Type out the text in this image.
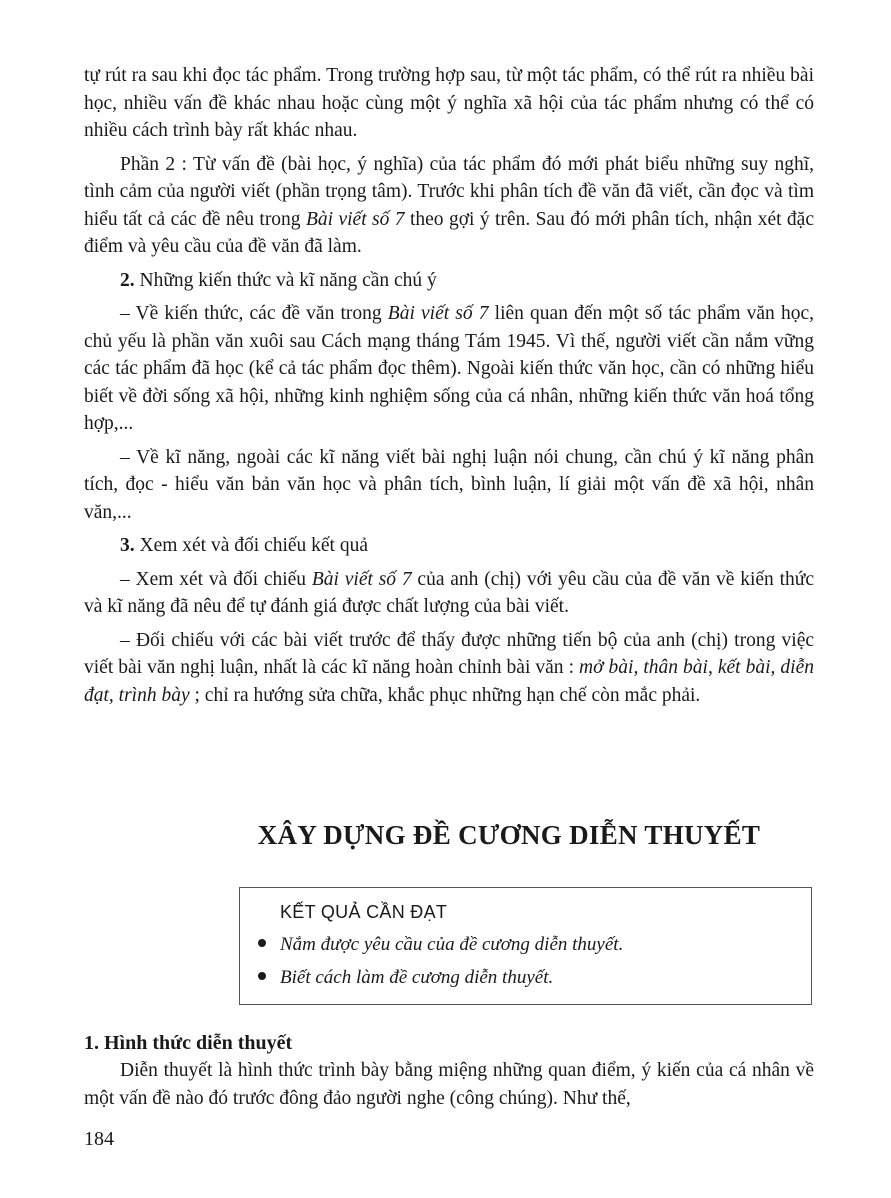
tự rút ra sau khi đọc tác phẩm. Trong trường hợp sau, từ một tác phẩm, có thể rút ra nhiều bài học, nhiều vấn đề khác nhau hoặc cùng một ý nghĩa xã hội của tác phẩm nhưng có thể có nhiều cách trình bày rất khác nhau.

Phần 2 : Từ vấn đề (bài học, ý nghĩa) của tác phẩm đó mới phát biểu những suy nghĩ, tình cảm của người viết (phần trọng tâm). Trước khi phân tích đề văn đã viết, cần đọc và tìm hiểu tất cả các đề nêu trong Bài viết số 7 theo gợi ý trên. Sau đó mới phân tích, nhận xét đặc điểm và yêu cầu của đề văn đã làm.

2. Những kiến thức và kĩ năng cần chú ý

– Về kiến thức, các đề văn trong Bài viết số 7 liên quan đến một số tác phẩm văn học, chủ yếu là phần văn xuôi sau Cách mạng tháng Tám 1945. Vì thế, người viết cần nắm vững các tác phẩm đã học (kể cả tác phẩm đọc thêm). Ngoài kiến thức văn học, cần có những hiểu biết về đời sống xã hội, những kinh nghiệm sống của cá nhân, những kiến thức văn hoá tổng hợp,...

– Về kĩ năng, ngoài các kĩ năng viết bài nghị luận nói chung, cần chú ý kĩ năng phân tích, đọc - hiểu văn bản văn học và phân tích, bình luận, lí giải một vấn đề xã hội, nhân văn,...

3. Xem xét và đối chiếu kết quả

– Xem xét và đối chiếu Bài viết số 7 của anh (chị) với yêu cầu của đề văn về kiến thức và kĩ năng đã nêu để tự đánh giá được chất lượng của bài viết.

– Đối chiếu với các bài viết trước để thấy được những tiến bộ của anh (chị) trong việc viết bài văn nghị luận, nhất là các kĩ năng hoàn chỉnh bài văn : mở bài, thân bài, kết bài, diễn đạt, trình bày ; chỉ ra hướng sửa chữa, khắc phục những hạn chế còn mắc phải.

XÂY DỰNG ĐỀ CƯƠNG DIỄN THUYẾT
KẾT QUẢ CẦN ĐẠT
Nắm được yêu cầu của đề cương diễn thuyết.
Biết cách làm đề cương diễn thuyết.
1. Hình thức diễn thuyết

Diễn thuyết là hình thức trình bày bằng miệng những quan điểm, ý kiến của cá nhân về một vấn đề nào đó trước đông đảo người nghe (công chúng). Như thế,

184
